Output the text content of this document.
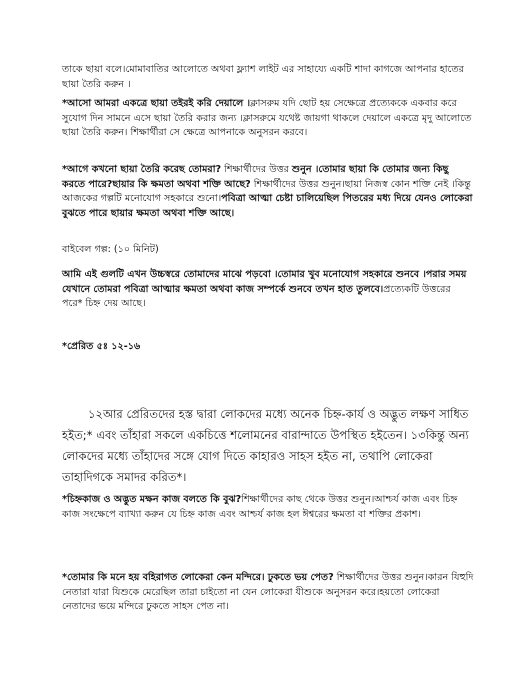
তাকে ছায়া বলে।মোমাবাতির আলোতে অথবা ফ্ল্যাশ লাইট এর সাহায্যে একটি শাদা কাগজে আপনার হাতের ছায়া তৈরি করুন ।

*আসো আমরা একত্রে ছায়া তইরই করি দেয়ালে ।ক্লাসরুম যদি ছোট হয় সেক্ষেত্রে প্রত্যেককে একবার করে সুযোগ দিন সামনে এসে ছায়া তৈরি করার জন্য ।ক্লাসরুমে যথেষ্ট জায়গা থাকলে দেয়ালে একত্রে মৃদু আলোতে ছায়া তৈরি করুন। শিক্ষার্থীরা সে ক্ষেত্রে আপনাকে অনুসরন করবে।

*আগে কখনো ছায়া তৈরি করেছ তোমরা? শিক্ষার্থীদের উত্তর শুনুন ।তোমার ছায়া কি তোমার জন্য কিছু করতে পারে?ছায়ার কি ক্ষমতা অথবা শক্তি আছে? শিক্ষার্থীদের উত্তর শুনুন।ছায়া নিজস্ব কোন শক্তি নেই ।কিন্তু আজকের গল্পটি মনোযোগ সহকারে শুনো।পবিত্রা আত্মা চেষ্টা চালিয়েছিল পিতরের মধ্য দিয়ে যেনও লোকেরা বুঝতে পারে ছায়ার ক্ষমতা অথবা শক্তি আছে।

বাইবেল গল্প: (১০ মিনিট)

আমি এই গুলটি এখন উচ্চস্বরে তোমাদের মাঝে পড়বো ।তোমার খুব মনোযোগ সহকারে শুনবে ।পরার সময় যেখানে তোমরা পবিত্রা আত্মার ক্ষমতা অথবা কাজ সম্পর্কে শুনবে তখন হাত তুলবে।প্রত্যেকটি উত্তরের পরে* চিহ্ন দেয় আছে।

*প্রেরিত ৫ঃ ১২-১৬

১২আর প্রেরিতদের হস্ত দ্বারা লোকদের মধ্যে অনেক চিহ্ন-কার্য ও অদ্ভুত লক্ষণ সাধিত হইত;* এবং তাঁহারা সকলে একচিত্তে শলোমনের বারান্দাতে উপস্থিত হইতেন। ১৩কিন্তু অন্য লোকদের মধ্যে তাঁহাদের সঙ্গে যোগ দিতে কাহারও সাহস হইত না, তথাপি লোকেরা তাহাদিগকে সমাদর করিত*।

*চিহ্নকাজ ও অদ্ভুত মক্ষন কাজ বলতে কি বুঝ?শিক্ষার্থীদের কাছ থেকে উত্তর শুনুন।আশ্চর্য কাজ এবং চিহ্ন কাজ সংক্ষেপে ব্যাখ্যা করুন যে চিহ্ন কাজ এবং আশ্চর্য কাজ হল ঈশ্বরের ক্ষমতা বা শক্তির প্রকাশ।

*তোমার কি মনে হয় বহিরাগত লোকেরা কেন মন্দিরে। ঢুকতে ভয় পেত? শিক্ষার্থীদের উত্তর শুনুন।কারন যিহুদি নেতারা যারা যিশুকে মেরেছিল তারা চাইতো না যেন লোকেরা যীশুকে অনুসরন করে।হয়তো লোকেরা নেতাদের ভয়ে মন্দিরে ঢুকতে সাহস পেত না।
